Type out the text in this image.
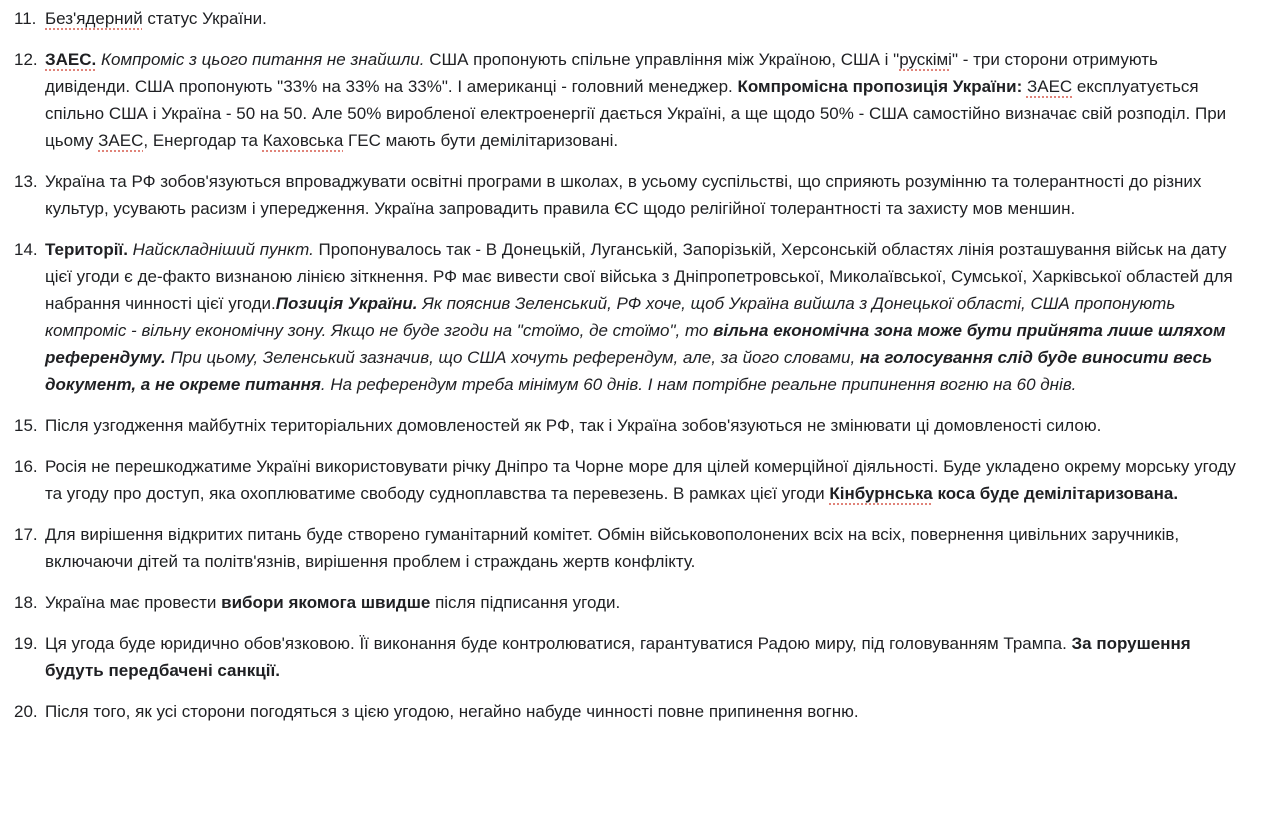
11. Без'ядерний статус України.

12. ЗАЕС. Компроміс з цього питання не знайшли. США пропонують спільне управління між Україною, США і "рускімі" - три сторони отримують дивіденди. США пропонують "33% на 33% на 33%". І американці - головний менеджер. Компромісна пропозиція України: ЗАЕС експлуатується спільно США і Україна - 50 на 50. Але 50% виробленої електроенергії дається Україні, а ще щодо 50% - США самостійно визначає свій розподіл. При цьому ЗАЕС, Енергодар та Каховська ГЕС мають бути демілітаризовані.

13. Україна та РФ зобов'язуються впроваджувати освітні програми в школах, в усьому суспільстві, що сприяють розумінню та толерантності до різних культур, усувають расизм і упередження. Україна запровадить правила ЄС щодо релігійної толерантності та захисту мов меншин.

14. Території. Найскладніший пункт. Пропонувалось так - В Донецькій, Луганській, Запорізькій, Херсонській областях лінія розташування військ на дату цієї угоди є де-факто визнаною лінією зіткнення. РФ має вивести свої війська з Дніпропетровської, Миколаївської, Сумської, Харківської областей для набрання чинності цієї угоди.Позиція України. Як пояснив Зеленський, РФ хоче, щоб Україна вийшла з Донецької області, США пропонують компроміс - вільну економічну зону. Якщо не буде згоди на "стоїмо, де стоїмо", то вільна економічна зона може бути прийнята лише шляхом референдуму. При цьому, Зеленський зазначив, що США хочуть референдум, але, за його словами, на голосування слід буде виносити весь документ, а не окреме питання. На референдум треба мінімум 60 днів. І нам потрібне реальне припинення вогню на 60 днів.

15. Після узгодження майбутніх територіальних домовленостей як РФ, так і Україна зобов'язуються не змінювати ці домовленості силою.

16. Росія не перешкоджатиме Україні використовувати річку Дніпро та Чорне море для цілей комерційної діяльності. Буде укладено окрему морську угоду та угоду про доступ, яка охоплюватиме свободу судноплавства та перевезень. В рамках цієї угоди Кінбурнська коса буде демілітаризована.

17. Для вирішення відкритих питань буде створено гуманітарний комітет. Обмін військовополонених всіх на всіх, повернення цивільних заручників, включаючи дітей та політв'язнів, вирішення проблем і страждань жертв конфлікту.

18. Україна має провести вибори якомога швидше після підписання угоди.

19. Ця угода буде юридично обов'язковою. Її виконання буде контролюватися, гарантуватися Радою миру, під головуванням Трампа. За порушення будуть передбачені санкції.

20. Після того, як усі сторони погодяться з цією угодою, негайно набуде чинності повне припинення вогню.
